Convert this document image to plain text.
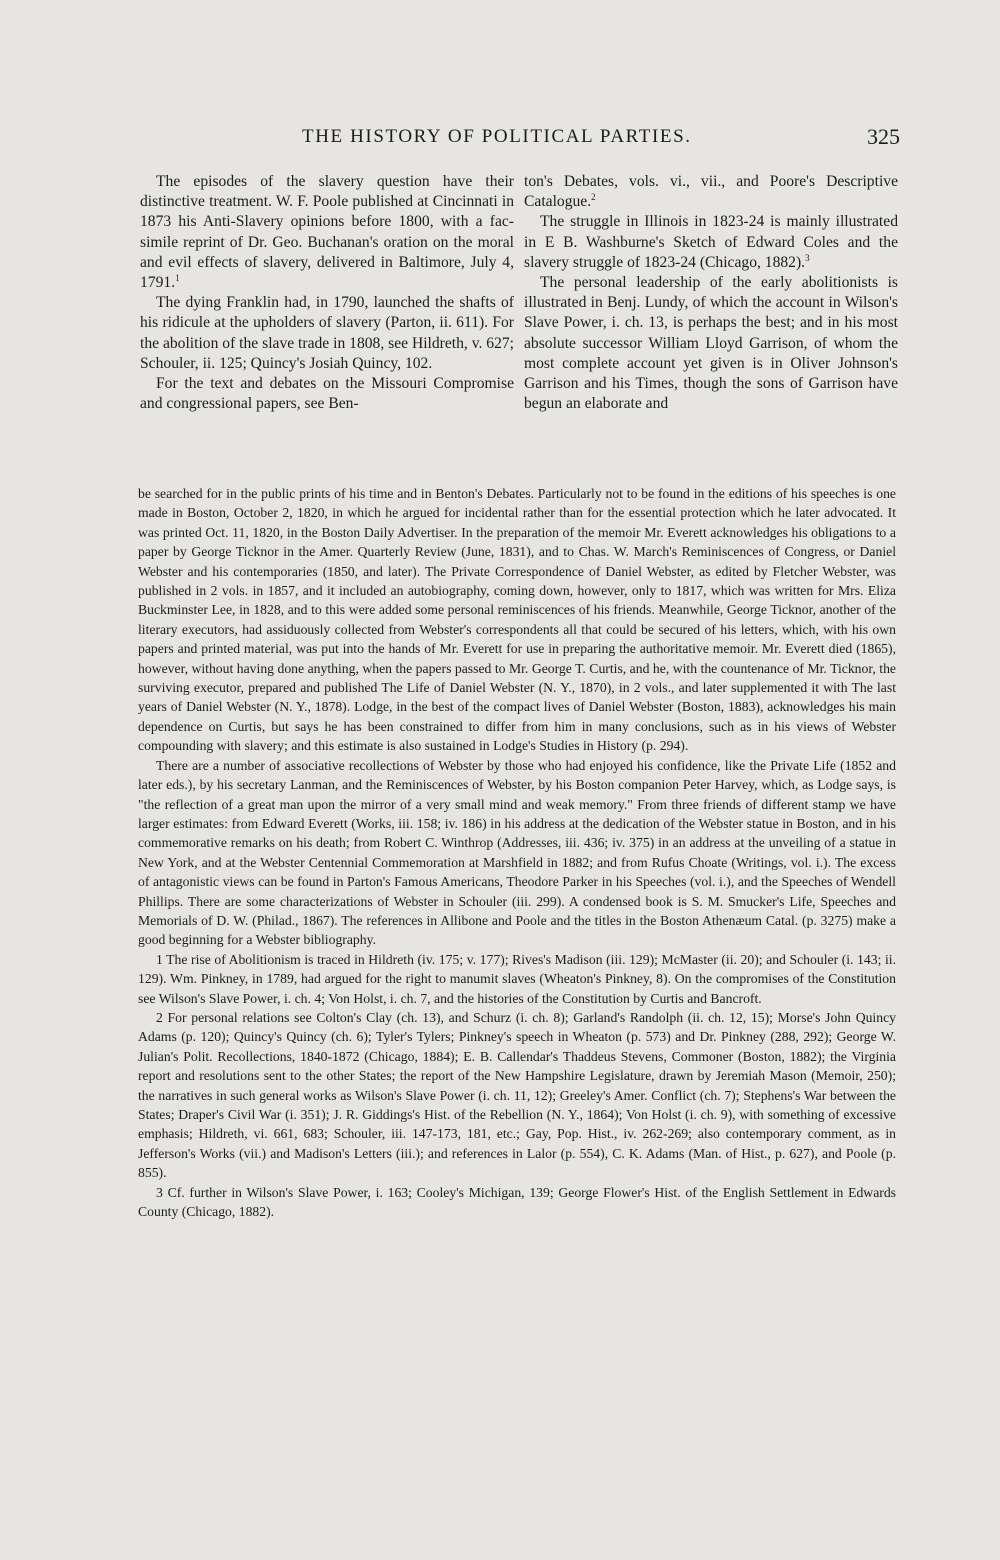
THE HISTORY OF POLITICAL PARTIES.	325

The episodes of the slavery question have their distinctive treatment. W. F. Poole published at Cincinnati in 1873 his Anti-Slavery opinions before 1800, with a fac-simile reprint of Dr. Geo. Buchanan's oration on the moral and evil effects of slavery, delivered in Baltimore, July 4, 1791.$^1$

The dying Franklin had, in 1790, launched the shafts of his ridicule at the upholders of slavery (Parton, ii. 611). For the abolition of the slave trade in 1808, see Hildreth, v. 627; Schouler, ii. 125; Quincy's Josiah Quincy, 102.

For the text and debates on the Missouri Compromise and congressional papers, see Ben-

ton's Debates, vols. vi., vii., and Poore's Descriptive Catalogue.$^2$

The struggle in Illinois in 1823-24 is mainly illustrated in E B. Washburne's Sketch of Edward Coles and the slavery struggle of 1823-24 (Chicago, 1882).$^3$

The personal leadership of the early abolitionists is illustrated in Benj. Lundy, of which the account in Wilson's Slave Power, i. ch. 13, is perhaps the best; and in his most absolute successor William Lloyd Garrison, of whom the most complete account yet given is in Oliver Johnson's Garrison and his Times, though the sons of Garrison have begun an elaborate and

be searched for in the public prints of his time and in Benton's Debates. Particularly not to be found in the editions of his speeches is one made in Boston, October 2, 1820, in which he argued for incidental rather than for the essential protection which he later advocated. It was printed Oct. 11, 1820, in the Boston Daily Advertiser. In the preparation of the memoir Mr. Everett acknowledges his obligations to a paper by George Ticknor in the Amer. Quarterly Review (June, 1831), and to Chas. W. March's Reminiscences of Congress, or Daniel Webster and his contemporaries (1850, and later). The Private Correspondence of Daniel Webster, as edited by Fletcher Webster, was published in 2 vols. in 1857, and it included an autobiography, coming down, however, only to 1817, which was written for Mrs. Eliza Buckminster Lee, in 1828, and to this were added some personal reminiscences of his friends. Meanwhile, George Ticknor, another of the literary executors, had assiduously collected from Webster's correspondents all that could be secured of his letters, which, with his own papers and printed material, was put into the hands of Mr. Everett for use in preparing the authoritative memoir. Mr. Everett died (1865), however, without having done anything, when the papers passed to Mr. George T. Curtis, and he, with the countenance of Mr. Ticknor, the surviving executor, prepared and published The Life of Daniel Webster (N. Y., 1870), in 2 vols., and later supplemented it with The last years of Daniel Webster (N. Y., 1878). Lodge, in the best of the compact lives of Daniel Webster (Boston, 1883), acknowledges his main dependence on Curtis, but says he has been constrained to differ from him in many conclusions, such as in his views of Webster compounding with slavery; and this estimate is also sustained in Lodge's Studies in History (p. 294).

There are a number of associative recollections of Webster by those who had enjoyed his confidence, like the Private Life (1852 and later eds.), by his secretary Lanman, and the Reminiscences of Webster, by his Boston companion Peter Harvey, which, as Lodge says, is "the reflection of a great man upon the mirror of a very small mind and weak memory." From three friends of different stamp we have larger estimates: from Edward Everett (Works, iii. 158; iv. 186) in his address at the dedication of the Webster statue in Boston, and in his commemorative remarks on his death; from Robert C. Winthrop (Addresses, iii. 436; iv. 375) in an address at the unveiling of a statue in New York, and at the Webster Centennial Commemoration at Marshfield in 1882; and from Rufus Choate (Writings, vol. i.). The excess of antagonistic views can be found in Parton's Famous Americans, Theodore Parker in his Speeches (vol. i.), and the Speeches of Wendell Phillips. There are some characterizations of Webster in Schouler (iii. 299). A condensed book is S. M. Smucker's Life, Speeches and Memorials of D. W. (Philad., 1867). The references in Allibone and Poole and the titles in the Boston Athenæum Catal. (p. 3275) make a good beginning for a Webster bibliography.

1 The rise of Abolitionism is traced in Hildreth (iv. 175; v. 177); Rives's Madison (iii. 129); McMaster (ii. 20); and Schouler (i. 143; ii. 129). Wm. Pinkney, in 1789, had argued for the right to manumit slaves (Wheaton's Pinkney, 8). On the compromises of the Constitution see Wilson's Slave Power, i. ch. 4; Von Holst, i. ch. 7, and the histories of the Constitution by Curtis and Bancroft.

2 For personal relations see Colton's Clay (ch. 13), and Schurz (i. ch. 8); Garland's Randolph (ii. ch. 12, 15); Morse's John Quincy Adams (p. 120); Quincy's Quincy (ch. 6); Tyler's Tylers; Pinkney's speech in Wheaton (p. 573) and Dr. Pinkney (288, 292); George W. Julian's Polit. Recollections, 1840-1872 (Chicago, 1884); E. B. Callendar's Thaddeus Stevens, Commoner (Boston, 1882); the Virginia report and resolutions sent to the other States; the report of the New Hampshire Legislature, drawn by Jeremiah Mason (Memoir, 250); the narratives in such general works as Wilson's Slave Power (i. ch. 11, 12); Greeley's Amer. Conflict (ch. 7); Stephens's War between the States; Draper's Civil War (i. 351); J. R. Giddings's Hist. of the Rebellion (N. Y., 1864); Von Holst (i. ch. 9), with something of excessive emphasis; Hildreth, vi. 661, 683; Schouler, iii. 147-173, 181, etc.; Gay, Pop. Hist., iv. 262-269; also contemporary comment, as in Jefferson's Works (vii.) and Madison's Letters (iii.); and references in Lalor (p. 554), C. K. Adams (Man. of Hist., p. 627), and Poole (p. 855).

3 Cf. further in Wilson's Slave Power, i. 163; Cooley's Michigan, 139; George Flower's Hist. of the English Settlement in Edwards County (Chicago, 1882).
